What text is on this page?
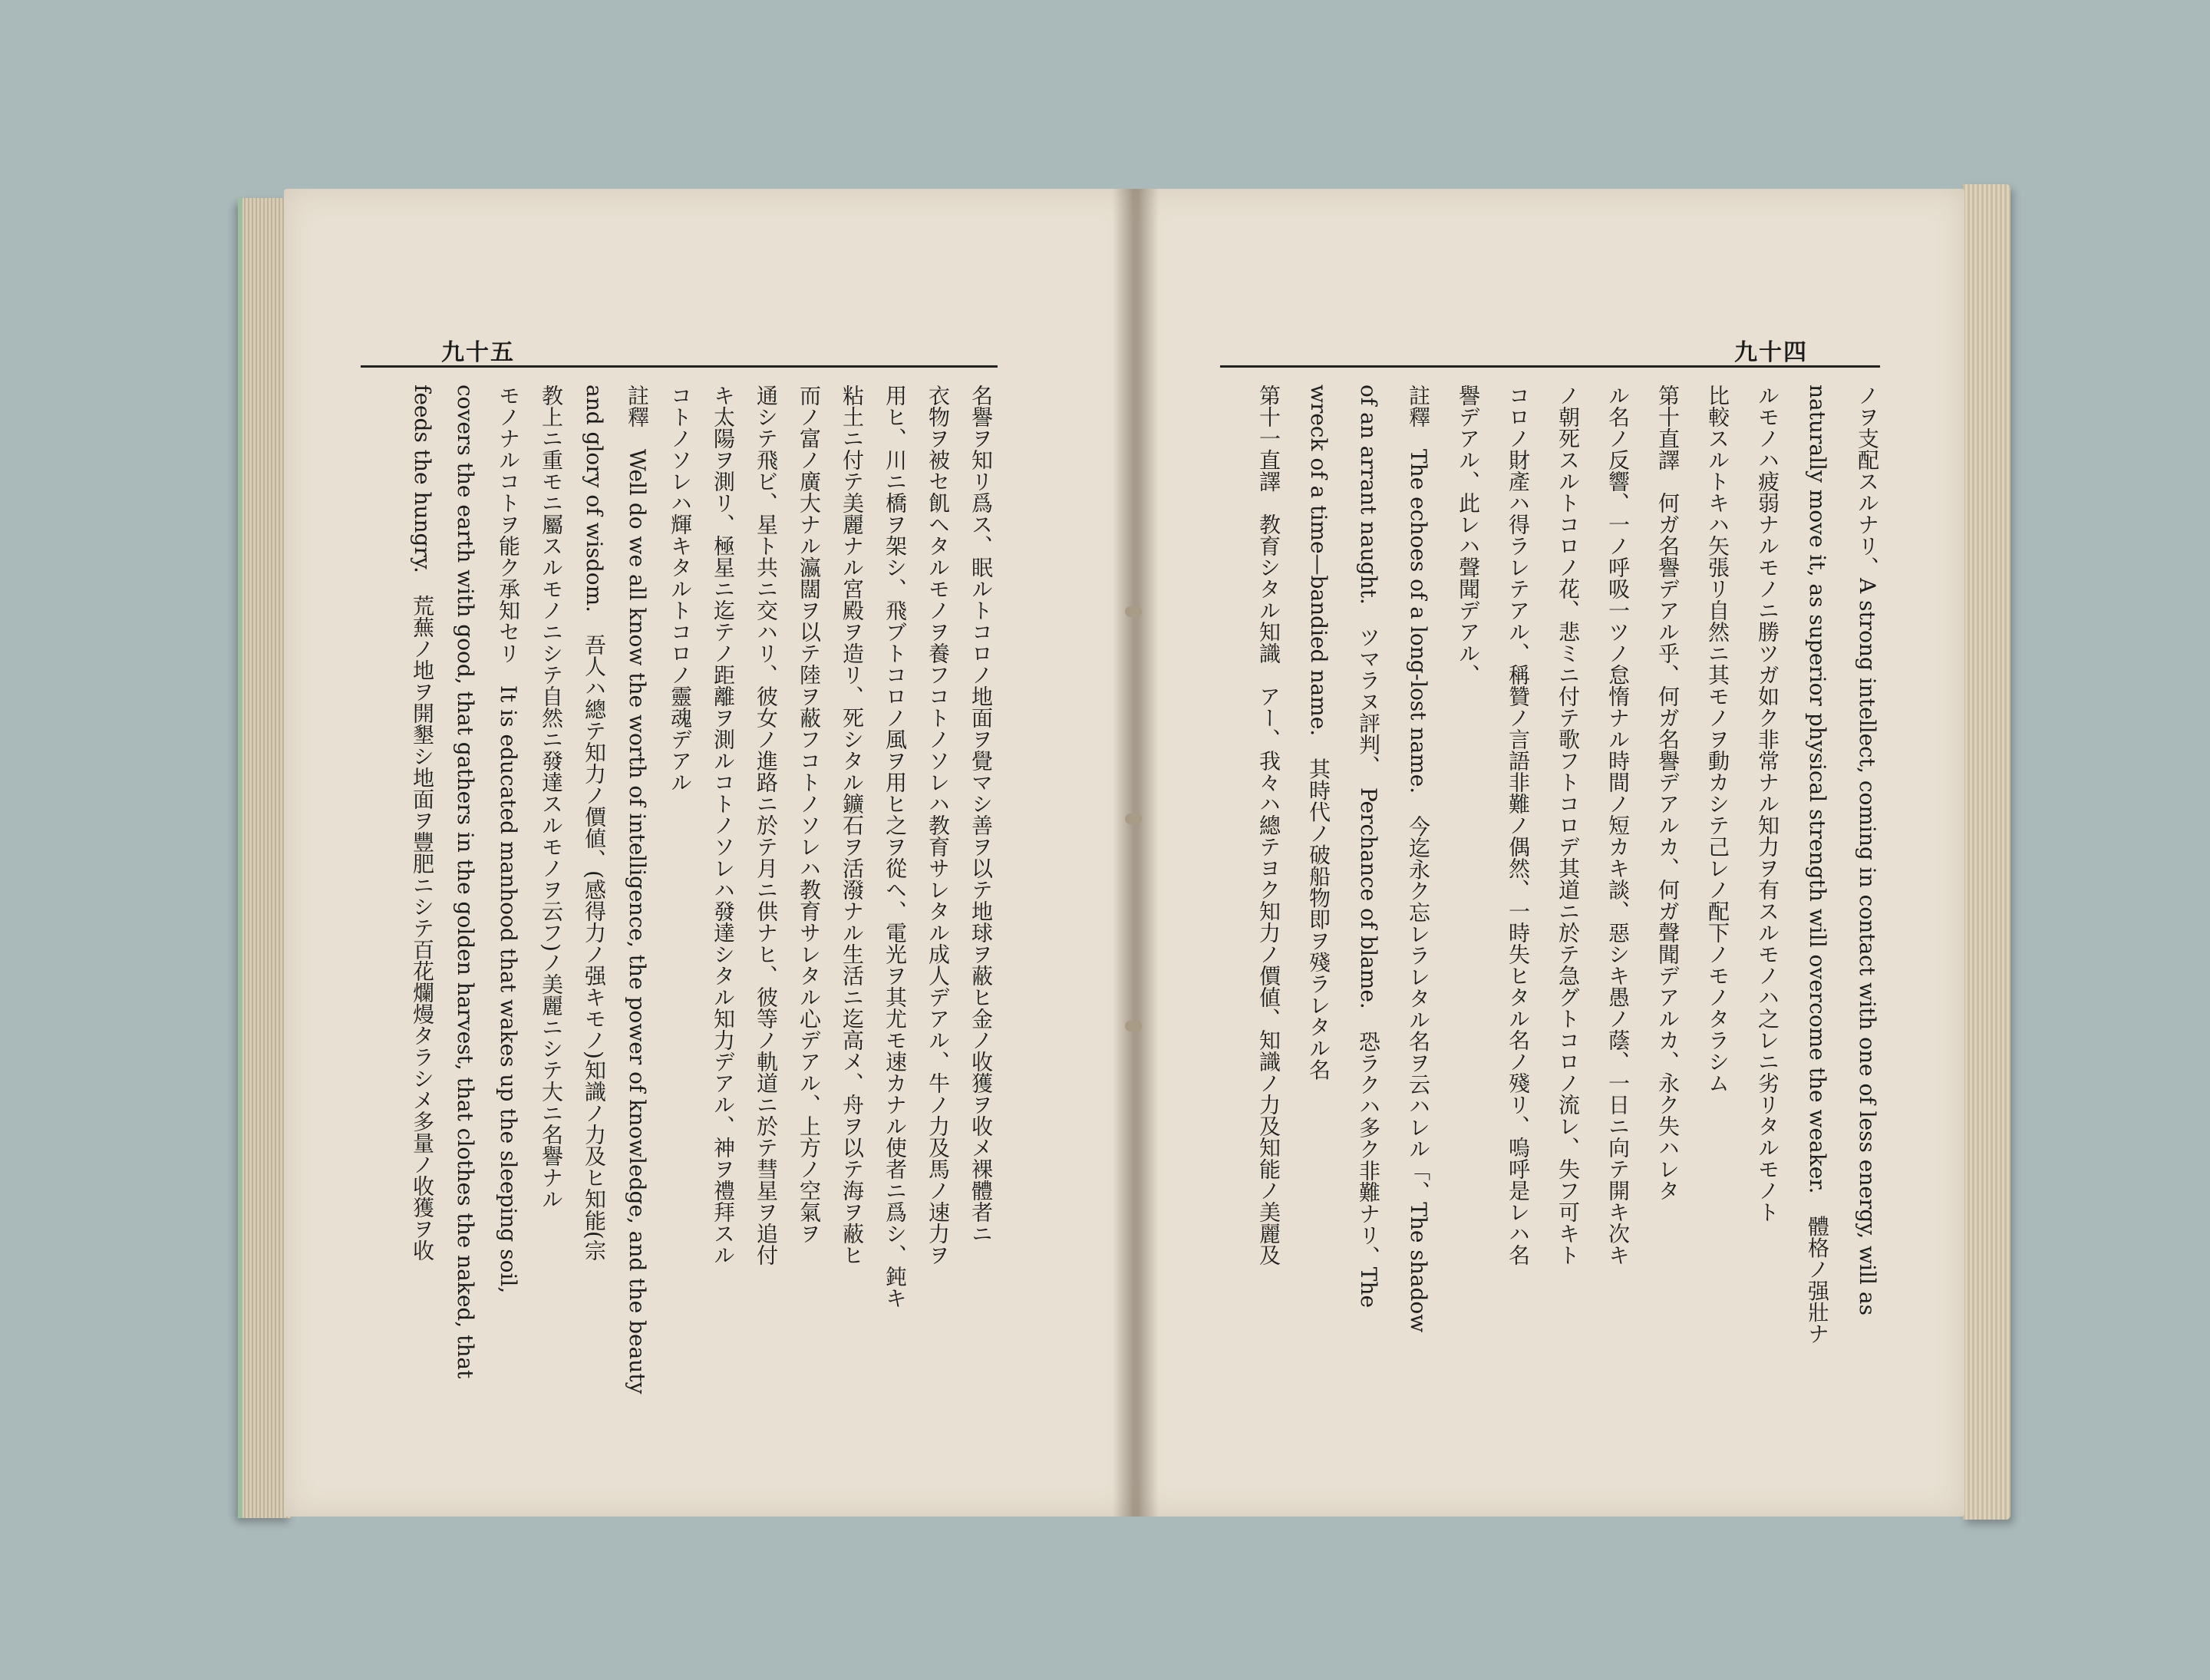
九十五
名譽ヲ知リ爲ス、眠ルトコロノ地面ヲ覺マシ善ヲ以テ地球ヲ蔽ヒ金ノ收獲ヲ收メ裸體者ニ
衣物ヲ被セ飢ヘタルモノヲ養フコトノソレハ教育サレタル成人デアル、牛ノ力及馬ノ速力ヲ
用ヒ、川ニ橋ヲ架シ、飛ブトコロノ風ヲ用ヒ之ヲ從ヘ、電光ヲ其尤モ速カナル使者ニ爲シ、鈍キ
粘土ニ付テ美麗ナル宮殿ヲ造リ、死シタル鑛石ヲ活潑ナル生活ニ迄高メ、舟ヲ以テ海ヲ蔽ヒ
而ノ富ノ廣大ナル瀛闊ヲ以テ陸ヲ蔽フコトノソレハ教育サレタル心デアル、上方ノ空氣ヲ
通シテ飛ビ、星ト共ニ交ハリ、彼女ノ進路ニ於テ月ニ供ナヒ、彼等ノ軌道ニ於テ彗星ヲ追付
キ太陽ヲ測リ、極星ニ迄テノ距離ヲ測ルコトノソレハ發達シタル知力デアル、神ヲ禮拜スル
コトノソレハ輝キタルトコロノ靈魂デアル
註釋　Well do we all know the worth of intelligence, the power of knowledge, and the beauty
and glory of wisdom.　吾人ハ總テ知力ノ價値、(感得力ノ强キモノ)知識ノ力及ヒ知能(宗
教上ニ重モニ屬スルモノニシテ自然ニ發達スルモノヲ云フ)ノ美麗ニシテ大ニ名譽ナル
モノナルコトヲ能ク承知セリ　It is educated manhood that wakes up the sleeping soil,
covers the earth with good, that gathers in the golden harvest, that clothes the naked, that
feeds the hungry.　荒蕪ノ地ヲ開墾シ地面ヲ豐肥ニシテ百花爛熳タラシメ多量ノ收獲ヲ收
九十四
ノヲ支配スルナリ、A strong intellect, coming in contact with one of less energy, will as
naturally move it, as superior physical strength will overcome the weaker.　體格ノ强壯ナ
ルモノハ疲弱ナルモノニ勝ツガ如ク非常ナル知力ヲ有スルモノハ之レニ劣リタルモノト
比較スルトキハ矢張リ自然ニ其モノヲ動カシテ己レノ配下ノモノタラシム
第十直譯　何ガ名譽デアル乎、何ガ名譽デアルカ、何ガ聲聞デアルカ、永ク失ハレタ
ル名ノ反響、一ノ呼吸一ツノ怠惰ナル時間ノ短カキ談、惡シキ愚ノ蔭、一日ニ向テ開キ次キ
ノ朝死スルトコロノ花、悲ミニ付テ歌フトコロデ其道ニ於テ急グトコロノ流レ、失フ可キト
コロノ財產ハ得ラレテアル、稱贊ノ言語非難ノ偶然、一時失ヒタル名ノ殘リ、嗚呼是レハ名
譽デアル、此レハ聲聞デアル、
註釋　The echoes of a long-lost name.　今迄永ク忘レラレタル名ヲ云ハレル「、The shadow
of an arrant naught.　ツマラヌ評判、　Perchance of blame.　恐ラクハ多ク非難ナリ、The
wreck of a time—bandied name.　其時代ノ破船物即ヲ殘ラレタル名
第十一直譯　教育シタル知識　アー、我々ハ總テヨク知力ノ價値、知識ノ力及知能ノ美麗及
